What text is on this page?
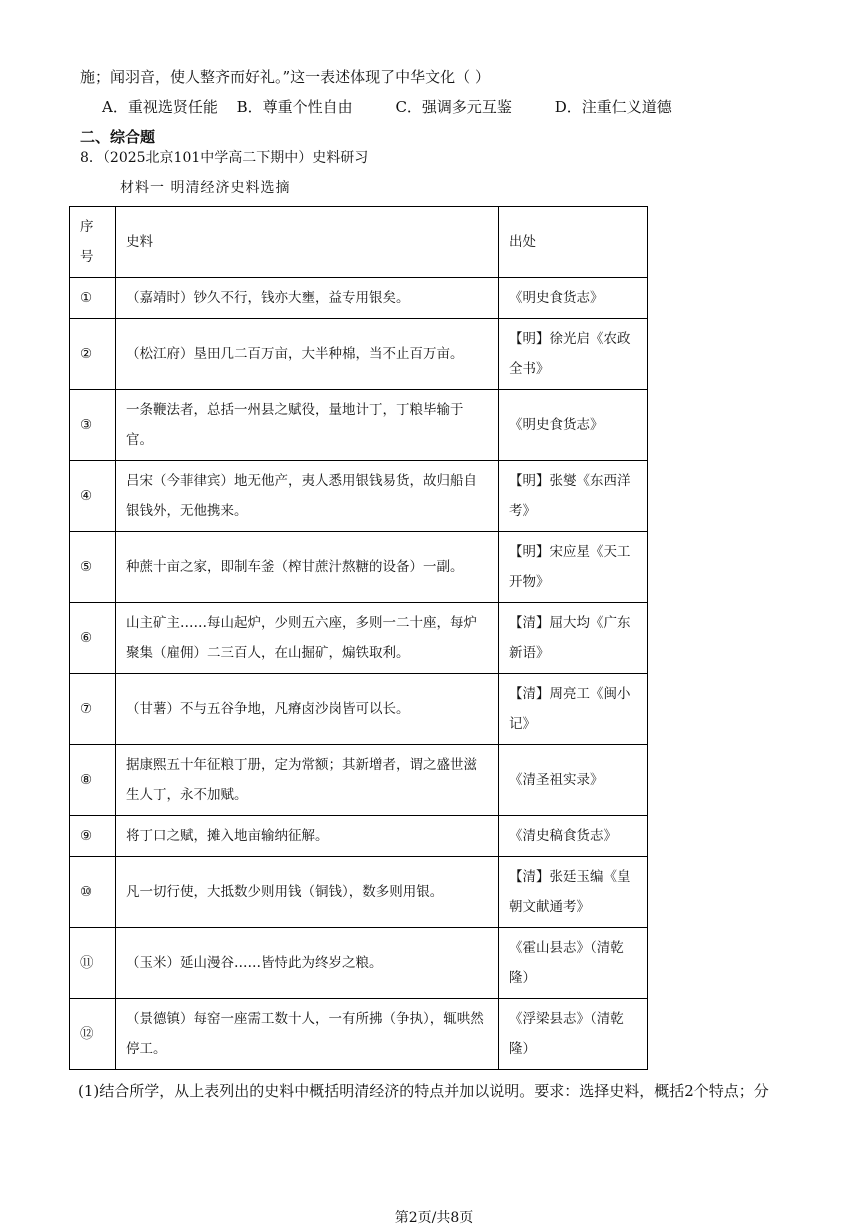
施；闻羽音，使人整齐而好礼。”这一表述体现了中华文化（ ）
A．重视选贤任能 B．尊重个性自由	C．强调多元互鉴	D．注重仁义道德
二、综合题
8．（2025北京101中学高二下期中）史料研习
材料一 明清经济史料选摘
序号	史料	出处
①	（嘉靖时）钞久不行，钱亦大壅，益专用银矣。	《明史食货志》
②	（松江府）垦田几二百万亩，大半种棉，当不止百万亩。	【明】徐光启《农政全书》
③	一条鞭法者，总括一州县之赋役，量地计丁，丁粮毕输于官。	《明史食货志》
④	吕宋（今菲律宾）地无他产，夷人悉用银钱易货，故归船自银钱外，无他携来。	【明】张燮《东西洋考》
⑤	种蔗十亩之家，即制车釜（榨甘蔗汁熬糖的设备）一副。	【明】宋应星《天工开物》
⑥	山主矿主……每山起炉，少则五六座，多则一二十座，每炉聚集（雇佣）二三百人，在山掘矿，煽铁取利。	【清】屈大均《广东新语》
⑦	（甘薯）不与五谷争地，凡瘠卤沙岗皆可以长。	【清】周亮工《闽小记》
⑧	据康熙五十年征粮丁册，定为常额；其新增者，谓之盛世滋生人丁，永不加赋。	《清圣祖实录》
⑨	将丁口之赋，摊入地亩输纳征解。	《清史稿食货志》
⑩	凡一切行使，大抵数少则用钱（铜钱），数多则用银。	【清】张廷玉编《皇朝文献通考》
⑪	（玉米）延山漫谷……皆恃此为终岁之粮。	《霍山县志》（清乾隆）
⑫	（景德镇）每窑一座需工数十人，一有所拂（争执），辄哄然停工。	《浮梁县志》（清乾隆）
(1)结合所学，从上表列出的史料中概括明清经济的特点并加以说明。要求：选择史料，概括2个特点；分
第2页/共8页
